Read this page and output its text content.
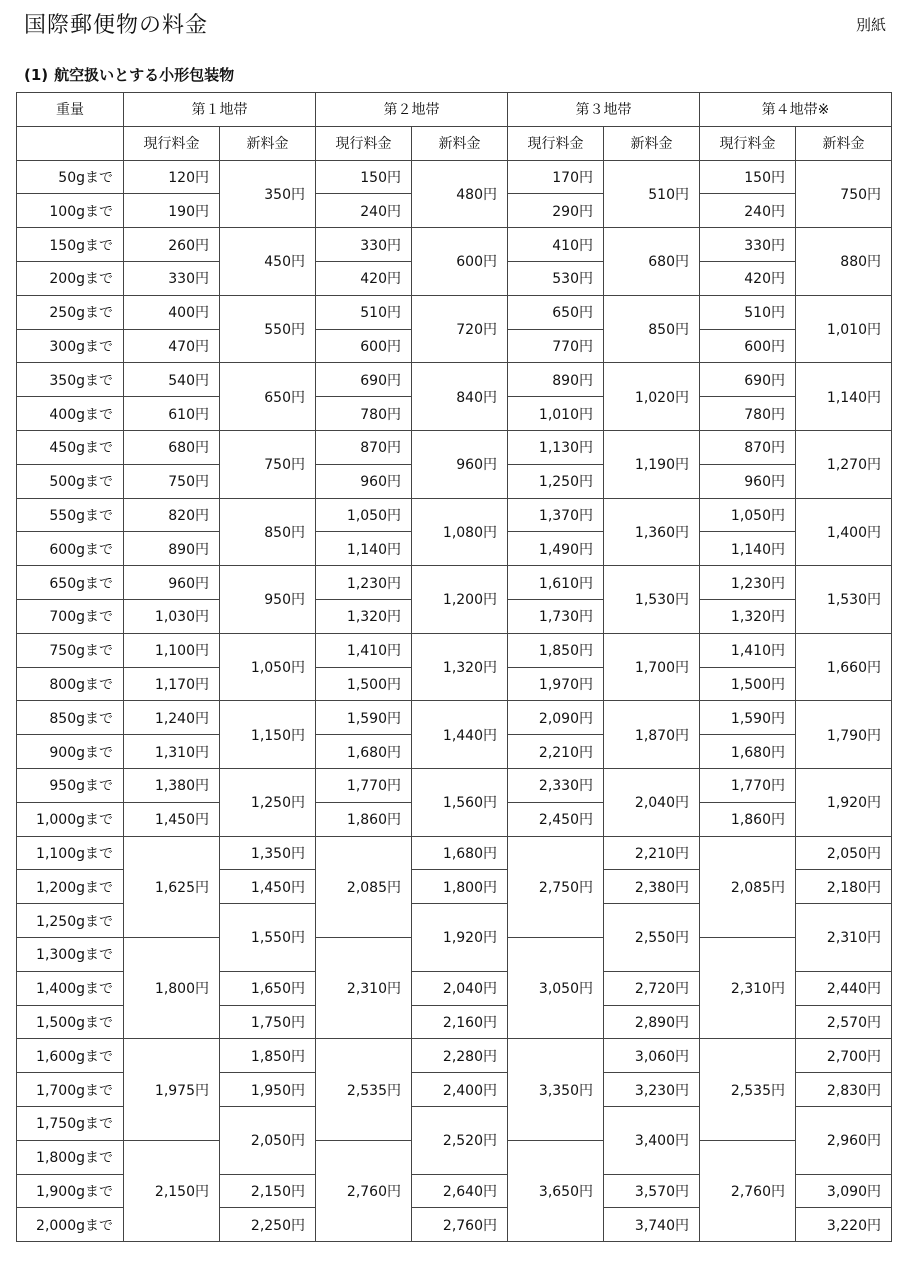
国際郵便物の料金	別紙
(1) 航空扱いとする小形包装物
重量	第１地帯		第２地帯		第３地帯		第４地帯※	
	現行料金	新料金	現行料金	新料金	現行料金	新料金	現行料金	新料金
50gまで	120円	350円	150円	480円	170円	510円	150円	750円
100gまで	190円		240円		290円		240円	
150gまで	260円	450円	330円	600円	410円	680円	330円	880円
200gまで	330円		420円		530円		420円	
250gまで	400円	550円	510円	720円	650円	850円	510円	1,010円
300gまで	470円		600円		770円		600円	
350gまで	540円	650円	690円	840円	890円	1,020円	690円	1,140円
400gまで	610円		780円		1,010円		780円	
450gまで	680円	750円	870円	960円	1,130円	1,190円	870円	1,270円
500gまで	750円		960円		1,250円		960円	
550gまで	820円	850円	1,050円	1,080円	1,370円	1,360円	1,050円	1,400円
600gまで	890円		1,140円		1,490円		1,140円	
650gまで	960円	950円	1,230円	1,200円	1,610円	1,530円	1,230円	1,530円
700gまで	1,030円		1,320円		1,730円		1,320円	
750gまで	1,100円	1,050円	1,410円	1,320円	1,850円	1,700円	1,410円	1,660円
800gまで	1,170円		1,500円		1,970円		1,500円	
850gまで	1,240円	1,150円	1,590円	1,440円	2,090円	1,870円	1,590円	1,790円
900gまで	1,310円		1,680円		2,210円		1,680円	
950gまで	1,380円	1,250円	1,770円	1,560円	2,330円	2,040円	1,770円	1,920円
1,000gまで	1,450円		1,860円		2,450円		1,860円	
1,100gまで	1,625円	1,350円	2,085円	1,680円	2,750円	2,210円	2,085円	2,050円
1,200gまで		1,450円		1,800円		2,380円		2,180円
1,250gまで		1,550円		1,920円		2,550円		2,310円
1,300gまで	1,800円		2,310円		3,050円		2,310円	
1,400gまで		1,650円		2,040円		2,720円		2,440円
1,500gまで		1,750円		2,160円		2,890円		2,570円
1,600gまで	1,975円	1,850円	2,535円	2,280円	3,350円	3,060円	2,535円	2,700円
1,700gまで		1,950円		2,400円		3,230円		2,830円
1,750gまで		2,050円		2,520円		3,400円		2,960円
1,800gまで	2,150円		2,760円		3,650円		2,760円	
1,900gまで		2,150円		2,640円		3,570円		3,090円
2,000gまで		2,250円		2,760円		3,740円		3,220円
